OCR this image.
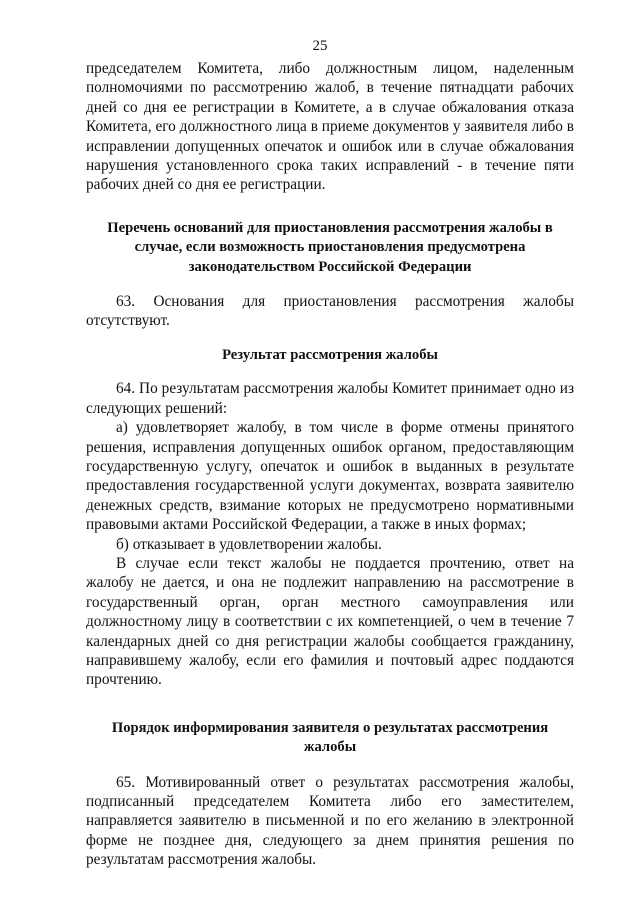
25

председателем Комитета, либо должностным лицом, наделенным полномочиями по рассмотрению жалоб, в течение пятнадцати рабочих дней со дня ее регистрации в Комитете, а в случае обжалования отказа Комитета, его должностного лица в приеме документов у заявителя либо в исправлении допущенных опечаток и ошибок или в случае обжалования нарушения установленного срока таких исправлений - в течение пяти рабочих дней со дня ее регистрации.

Перечень оснований для приостановления рассмотрения жалобы в случае, если возможность приостановления предусмотрена законодательством Российской Федерации

63. Основания для приостановления рассмотрения жалобы отсутствуют.

Результат рассмотрения жалобы

64. По результатам рассмотрения жалобы Комитет принимает одно из следующих решений:

а) удовлетворяет жалобу, в том числе в форме отмены принятого решения, исправления допущенных ошибок органом, предоставляющим государственную услугу, опечаток и ошибок в выданных в результате предоставления государственной услуги документах, возврата заявителю денежных средств, взимание которых не предусмотрено нормативными правовыми актами Российской Федерации, а также в иных формах;

б) отказывает в удовлетворении жалобы.

В случае если текст жалобы не поддается прочтению, ответ на жалобу не дается, и она не подлежит направлению на рассмотрение в государственный орган, орган местного самоуправления или должностному лицу в соответствии с их компетенцией, о чем в течение 7 календарных дней со дня регистрации жалобы сообщается гражданину, направившему жалобу, если его фамилия и почтовый адрес поддаются прочтению.

Порядок информирования заявителя о результатах рассмотрения жалобы

65. Мотивированный ответ о результатах рассмотрения жалобы, подписанный председателем Комитета либо его заместителем, направляется заявителю в письменной и по его желанию в электронной форме не позднее дня, следующего за днем принятия решения по результатам рассмотрения жалобы.
